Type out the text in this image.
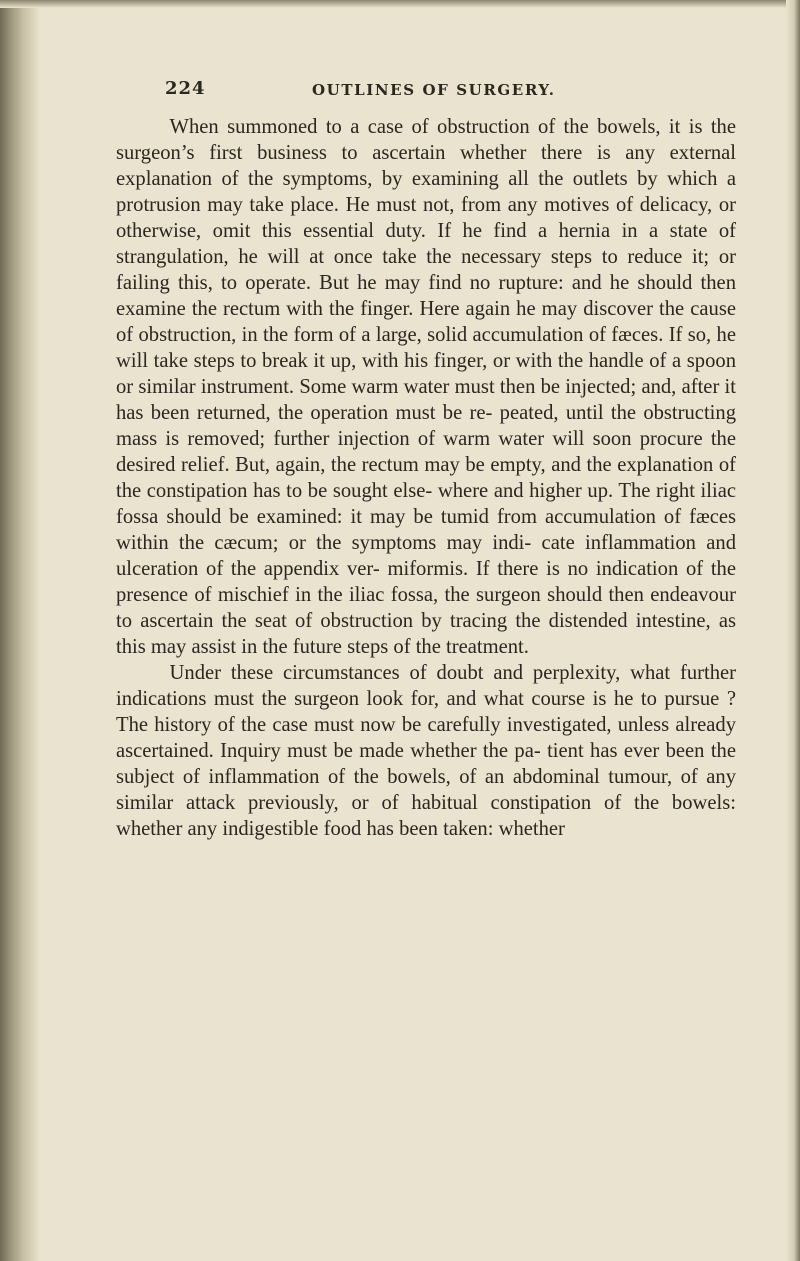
224	OUTLINES OF SURGERY.

When summoned to a case of obstruction of the bowels, it is the surgeon’s first business to ascertain whether there is any external explanation of the symptoms, by examining all the outlets by which a protrusion may take place. He must not, from any motives of delicacy, or otherwise, omit this essential duty. If he find a hernia in a state of strangulation, he will at once take the necessary steps to reduce it; or failing this, to operate. But he may find no rupture: and he should then examine the rectum with the finger. Here again he may discover the cause of obstruction, in the form of a large, solid accumulation of fæces. If so, he will take steps to break it up, with his finger, or with the handle of a spoon or similar instrument. Some warm water must then be injected; and, after it has been returned, the operation must be re- peated, until the obstructing mass is removed; further injection of warm water will soon procure the desired relief. But, again, the rectum may be empty, and the explanation of the constipation has to be sought else- where and higher up. The right iliac fossa should be examined: it may be tumid from accumulation of fæces within the cæcum; or the symptoms may indi- cate inflammation and ulceration of the appendix ver- miformis. If there is no indication of the presence of mischief in the iliac fossa, the surgeon should then endeavour to ascertain the seat of obstruction by tracing the distended intestine, as this may assist in the future steps of the treatment.

Under these circumstances of doubt and perplexity, what further indications must the surgeon look for, and what course is he to pursue ? The history of the case must now be carefully investigated, unless already ascertained. Inquiry must be made whether the pa- tient has ever been the subject of inflammation of the bowels, of an abdominal tumour, of any similar attack previously, or of habitual constipation of the bowels: whether any indigestible food has been taken: whether
